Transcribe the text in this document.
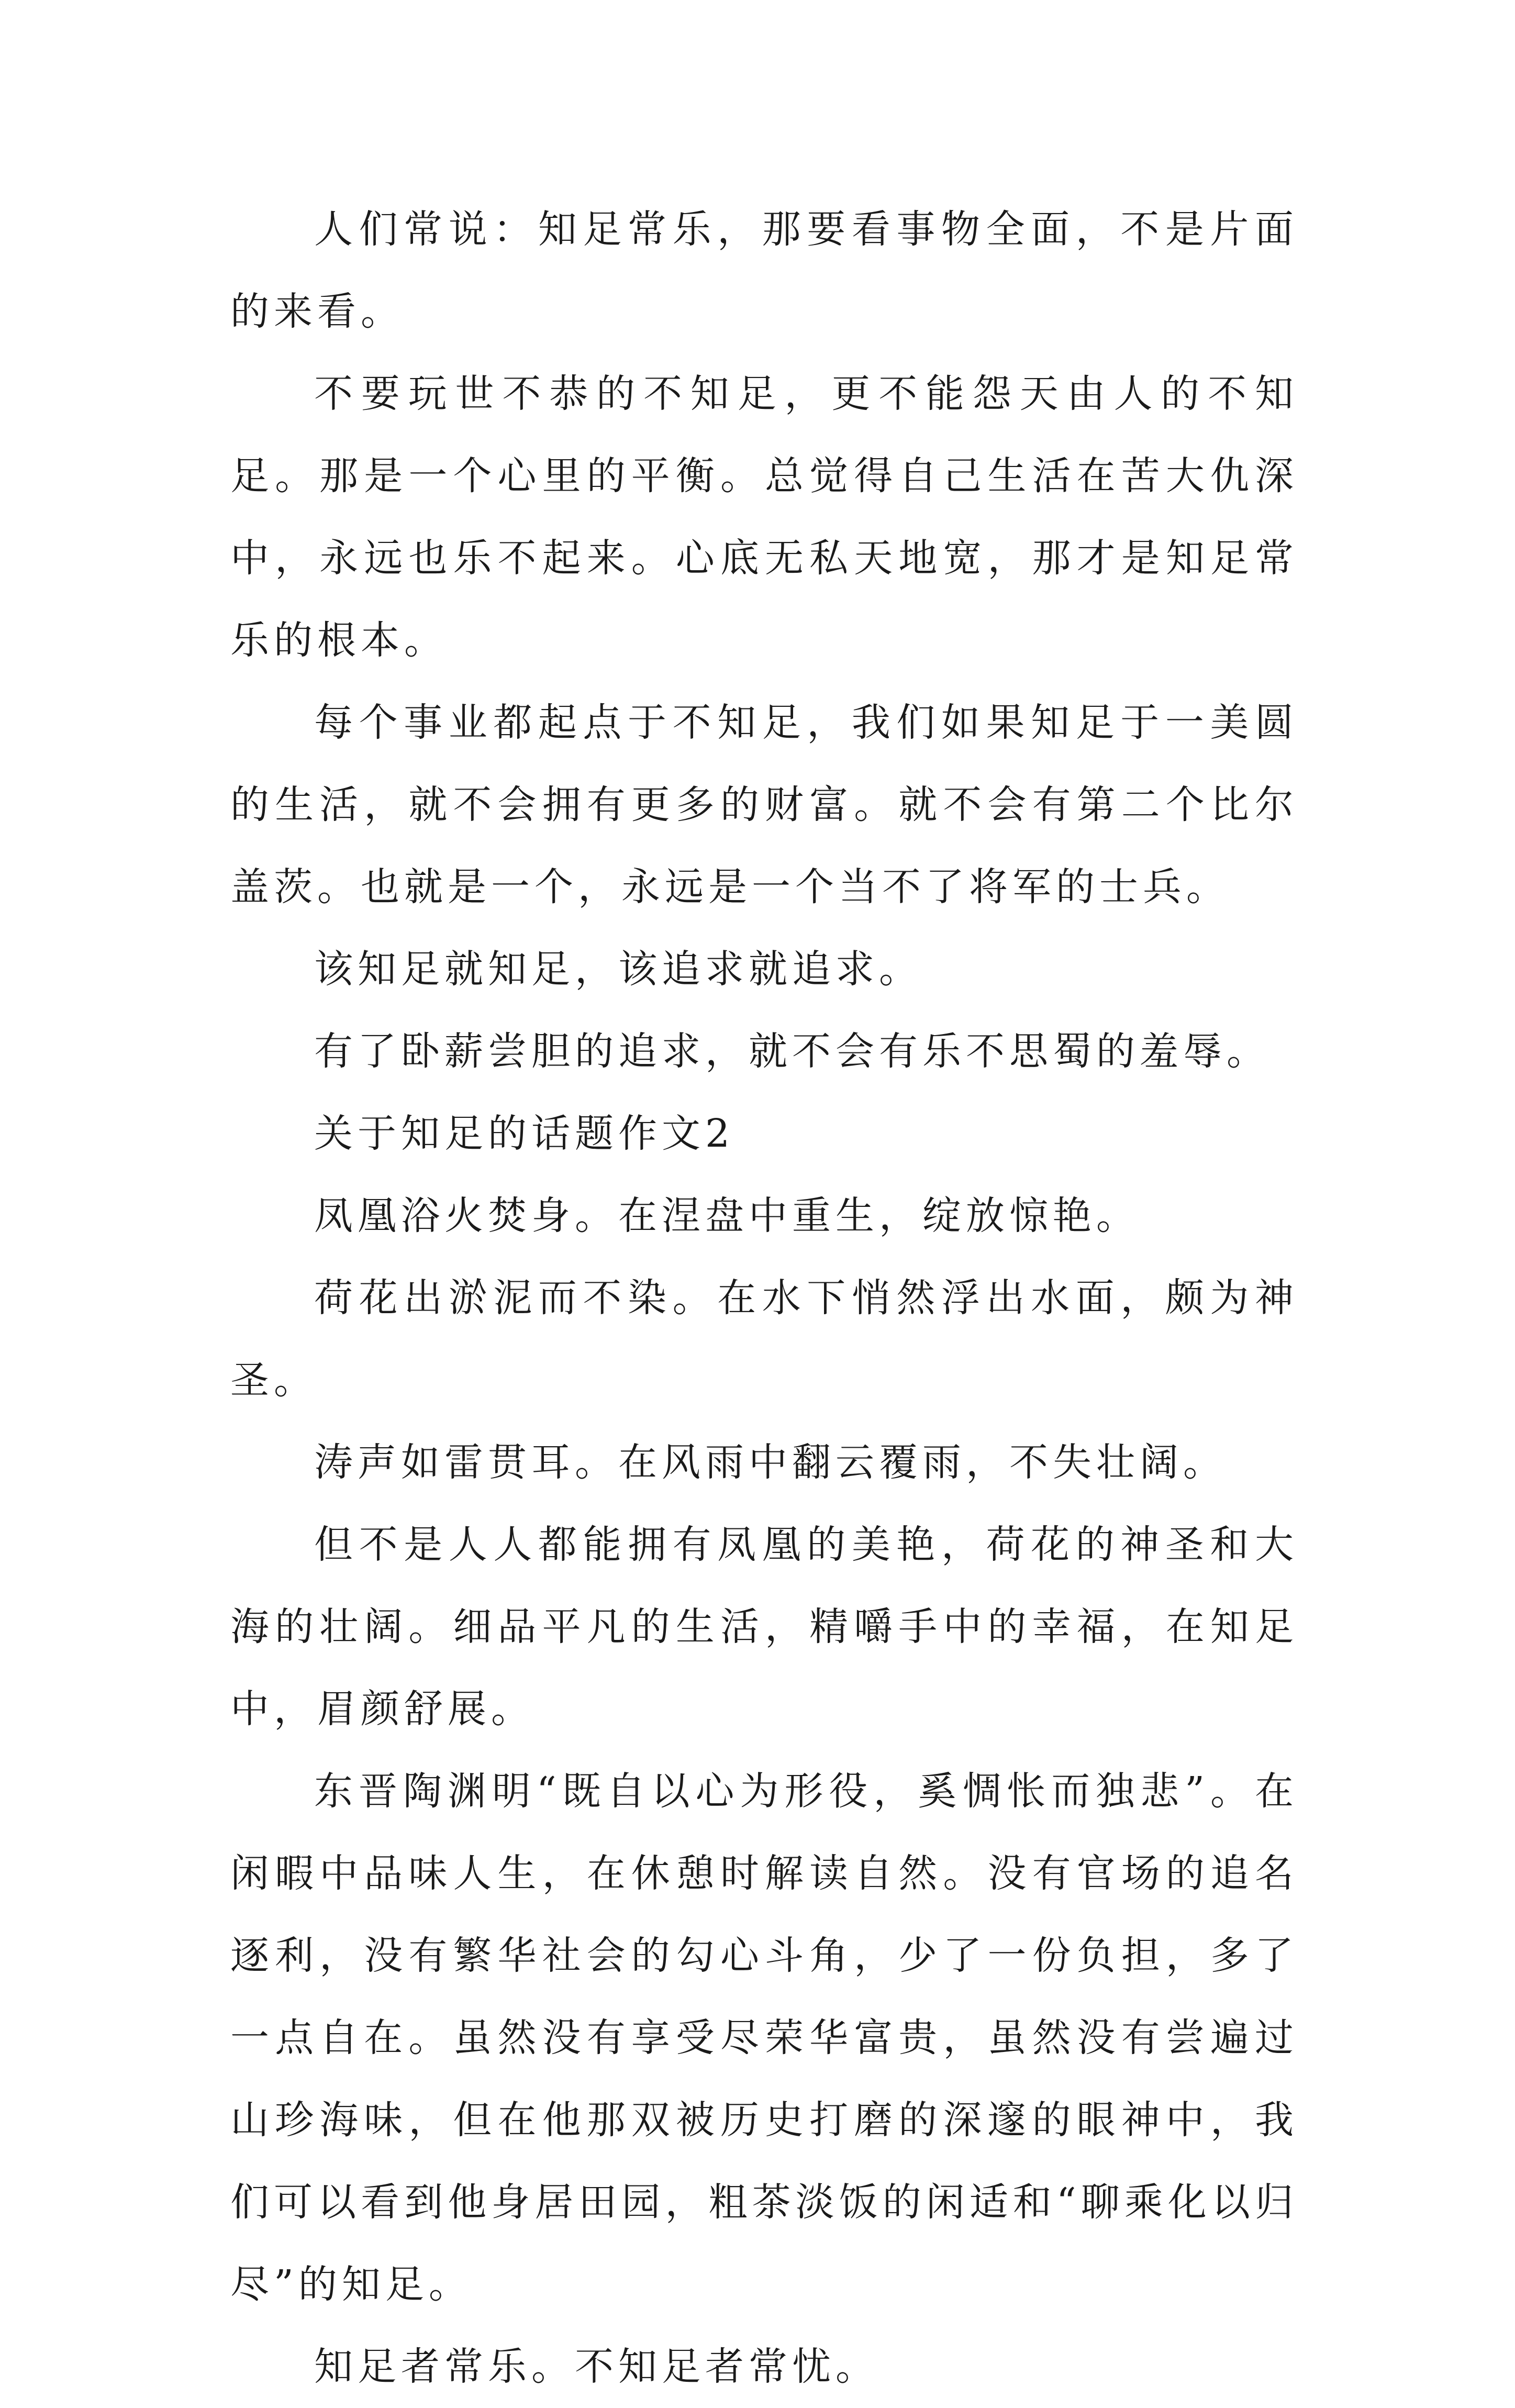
人们常说：知足常乐，那要看事物全面，不是片面的来看。

不要玩世不恭的不知足，更不能怨天由人的不知足。那是一个心里的平衡。总觉得自己生活在苦大仇深中，永远也乐不起来。心底无私天地宽，那才是知足常乐的根本。

每个事业都起点于不知足，我们如果知足于一美圆的生活，就不会拥有更多的财富。就不会有第二个比尔盖茨。也就是一个，永远是一个当不了将军的士兵。

该知足就知足，该追求就追求。

有了卧薪尝胆的追求，就不会有乐不思蜀的羞辱。

关于知足的话题作文2

凤凰浴火焚身。在涅盘中重生，绽放惊艳。

荷花出淤泥而不染。在水下悄然浮出水面，颇为神圣。

涛声如雷贯耳。在风雨中翻云覆雨，不失壮阔。

但不是人人都能拥有凤凰的美艳，荷花的神圣和大海的壮阔。细品平凡的生活，精嚼手中的幸福，在知足中，眉颜舒展。

东晋陶渊明“既自以心为形役，奚惆怅而独悲”。在闲暇中品味人生，在休憩时解读自然。没有官场的追名逐利，没有繁华社会的勾心斗角，少了一份负担，多了一点自在。虽然没有享受尽荣华富贵，虽然没有尝遍过山珍海味，但在他那双被历史打磨的深邃的眼神中，我们可以看到他身居田园，粗茶淡饭的闲适和“聊乘化以归尽”的知足。

知足者常乐。不知足者常忧。
